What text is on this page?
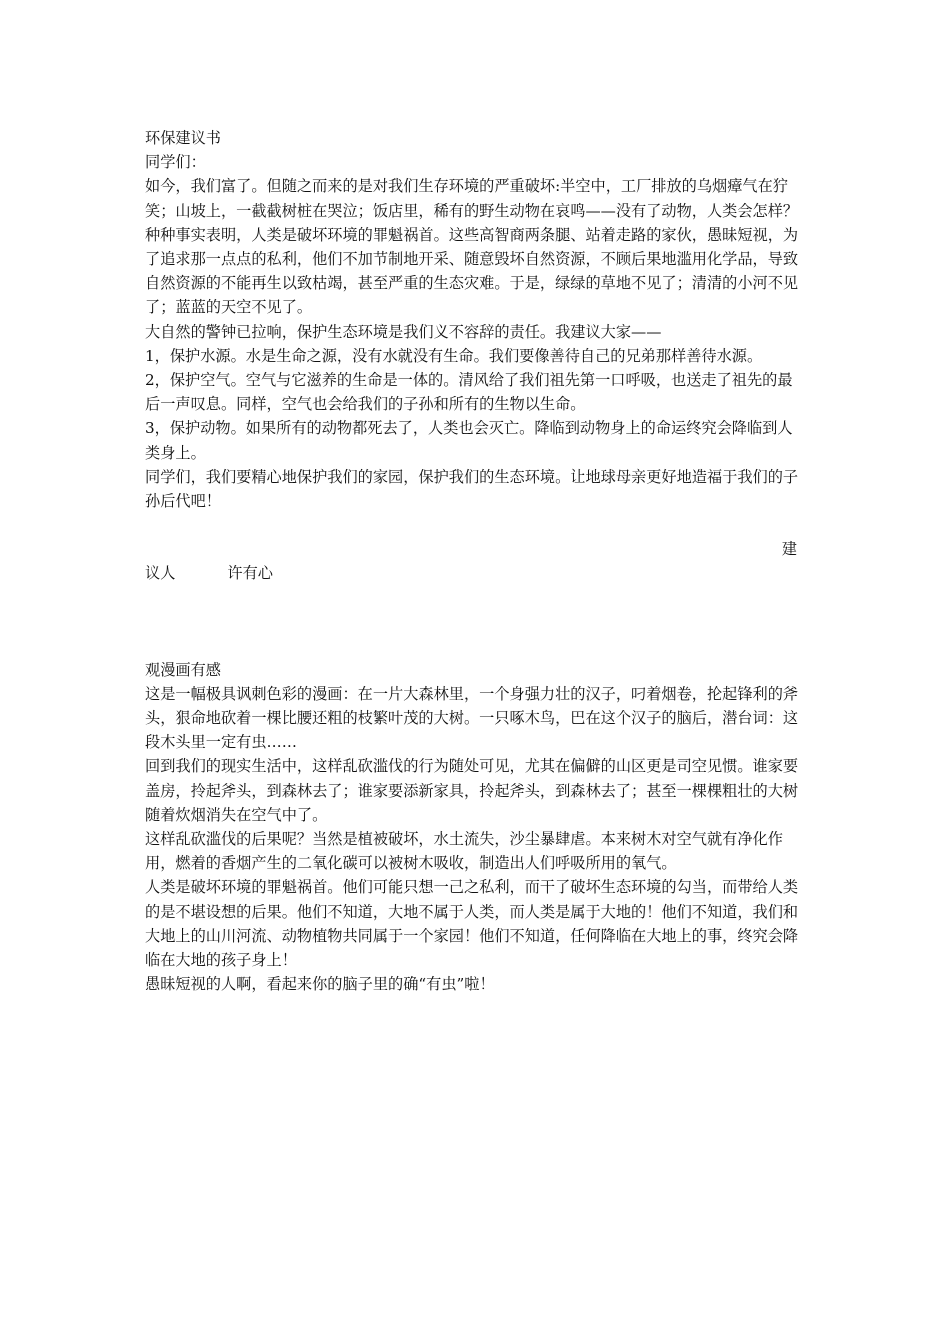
环保建议书

同学们：

如今，我们富了。但随之而来的是对我们生存环境的严重破坏:半空中，工厂排放的乌烟瘴气在狞笑；山坡上，一截截树桩在哭泣；饭店里，稀有的野生动物在哀鸣——没有了动物，人类会怎样？

种种事实表明，人类是破坏环境的罪魁祸首。这些高智商两条腿、站着走路的家伙，愚昧短视，为了追求那一点点的私利，他们不加节制地开采、随意毁坏自然资源，不顾后果地滥用化学品，导致自然资源的不能再生以致枯竭，甚至严重的生态灾难。于是，绿绿的草地不见了；清清的小河不见了；蓝蓝的天空不见了。

大自然的警钟已拉响，保护生态环境是我们义不容辞的责任。我建议大家——

1，保护水源。水是生命之源，没有水就没有生命。我们要像善待自己的兄弟那样善待水源。

2，保护空气。空气与它滋养的生命是一体的。清风给了我们祖先第一口呼吸，也送走了祖先的最后一声叹息。同样，空气也会给我们的子孙和所有的生物以生命。

3，保护动物。如果所有的动物都死去了，人类也会灭亡。降临到动物身上的命运终究会降临到人类身上。

同学们，我们要精心地保护我们的家园，保护我们的生态环境。让地球母亲更好地造福于我们的子孙后代吧！

建

议人	许有心

观漫画有感

这是一幅极具讽刺色彩的漫画：在一片大森林里，一个身强力壮的汉子，叼着烟卷，抡起锋利的斧头，狠命地砍着一棵比腰还粗的枝繁叶茂的大树。一只啄木鸟，巴在这个汉子的脑后，潜台词：这段木头里一定有虫……

回到我们的现实生活中，这样乱砍滥伐的行为随处可见，尤其在偏僻的山区更是司空见惯。谁家要盖房，拎起斧头，到森林去了；谁家要添新家具，拎起斧头，到森林去了；甚至一棵棵粗壮的大树随着炊烟消失在空气中了。

这样乱砍滥伐的后果呢？当然是植被破坏，水土流失，沙尘暴肆虐。本来树木对空气就有净化作用，燃着的香烟产生的二氧化碳可以被树木吸收，制造出人们呼吸所用的氧气。

人类是破坏环境的罪魁祸首。他们可能只想一己之私利，而干了破坏生态环境的勾当，而带给人类的是不堪设想的后果。他们不知道，大地不属于人类，而人类是属于大地的！他们不知道，我们和大地上的山川河流、动物植物共同属于一个家园！他们不知道，任何降临在大地上的事，终究会降临在大地的孩子身上！

愚昧短视的人啊，看起来你的脑子里的确“有虫”啦！
